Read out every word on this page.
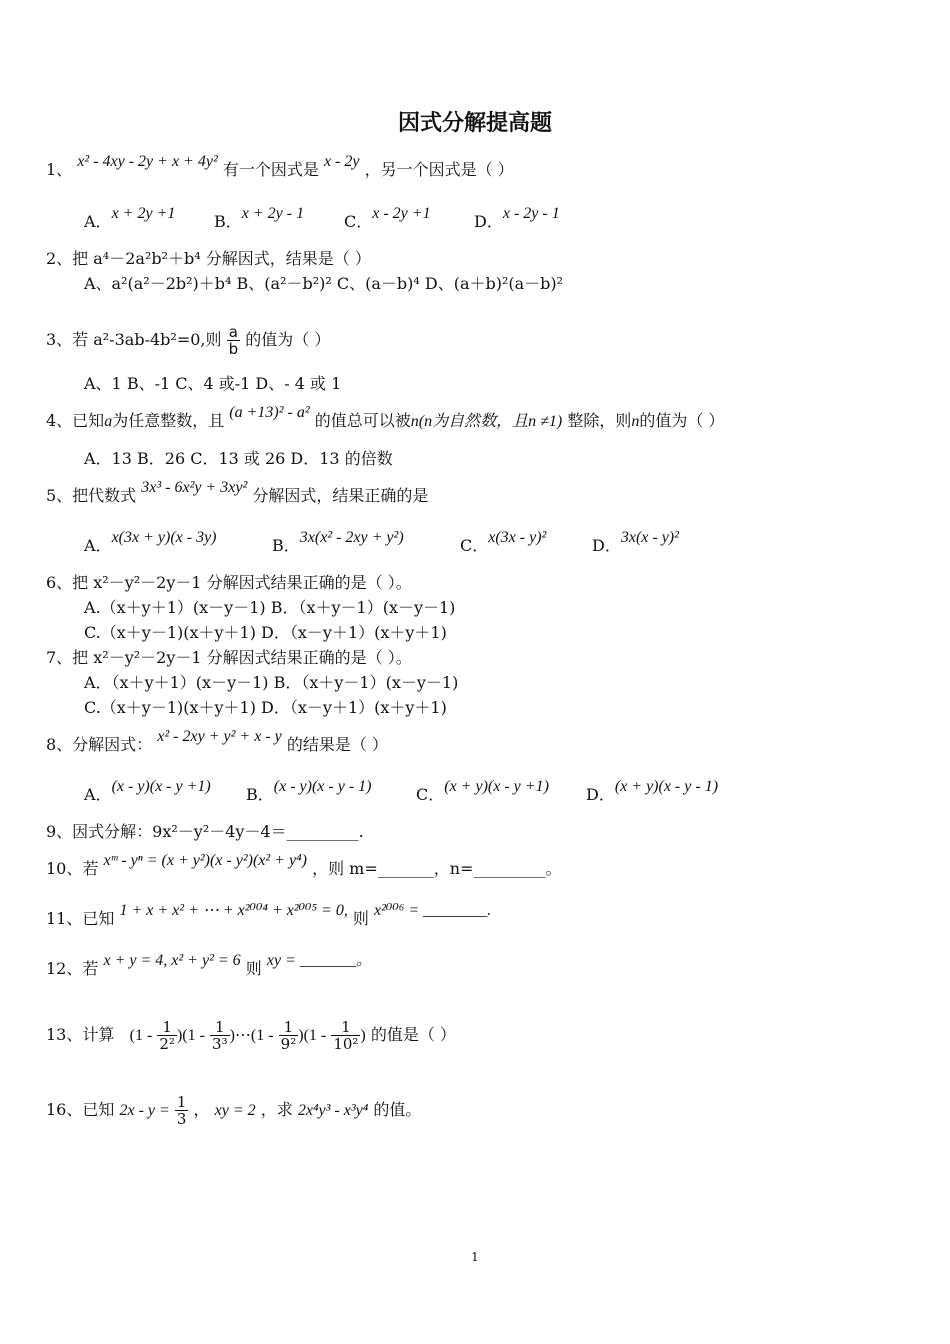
因式分解提高题
1、 x² - 4xy - 2y + x + 4y² 有一个因式是 x - 2y ，另一个因式是（ ）
A．x + 2y +1 B．x + 2y - 1 C．x - 2y +1	D．x - 2y - 1
2、把 a⁴－2a²b²＋b⁴ 分解因式，结果是（ ）
A、a²(a²－2b²)＋b⁴ B、(a²－b²)² C、(a－b)⁴ D、(a＋b)²(a－b)²
3、若 a²-3ab-4b²=0,则 $\frac{a}{b}$ 的值为（ ）
A、1 B、-1 C、4 或-1 D、- 4 或 1
4、已知a为任意整数，且 (a +13)² - a² 的值总可以被n(n为自然数，且n ≠1) 整除，则n的值为（ ）
A．13 B．26 C．13 或 26 D．13 的倍数
5、把代数式 3x³ - 6x²y + 3xy² 分解因式，结果正确的是
A．x(3x + y)(x - 3y)	B．3x(x² - 2xy + y²)	C．x(3x - y)²	D．3x(x - y)²
6、把 x²－y²－2y－1 分解因式结果正确的是（ ）。
A.（x＋y＋1）(x－y－1) B．（x＋y－1）(x－y－1)
C.（x＋y－1)(x＋y＋1) D．（x－y＋1）(x＋y＋1)
7、把 x²－y²－2y－1 分解因式结果正确的是（ ）。
A．（x＋y＋1）(x－y－1) B．（x＋y－1）(x－y－1)
C.（x＋y－1)(x＋y＋1) D．（x－y＋1）(x＋y＋1)
8、分解因式： x² - 2xy + y² + x - y 的结果是（ ）
A．(x - y)(x - y +1) B．(x - y)(x - y - 1)	C．(x + y)(x - y +1) D．(x + y)(x - y - 1)
9、因式分解：9x²－y²－4y－4＝_________.
10、若 xᵐ - yⁿ = (x + y²)(x - y²)(x² + y⁴) ，则 m=_______，n=_________。
11、已知 1 + x + x² + ⋯ + x²⁰⁰⁴ + x²⁰⁰⁵ = 0, 则 x²⁰⁰⁶ = ________.
12、若 x + y = 4, x² + y² = 6 则 xy = _______。
13、计算 $(1 - \frac{1}{\text{2²}} )(1 - \frac{1}{\text{3³}}$ )⋯(1 - $\frac{1}{\text{9²}} )(1 - \frac{1}{\text{10²}}$ ) 的值是（ ）
16、已知 $2x - y = \frac{1}{3}$ ， xy = 2 ，求 2x⁴y³ - x³y⁴ 的值。
1
